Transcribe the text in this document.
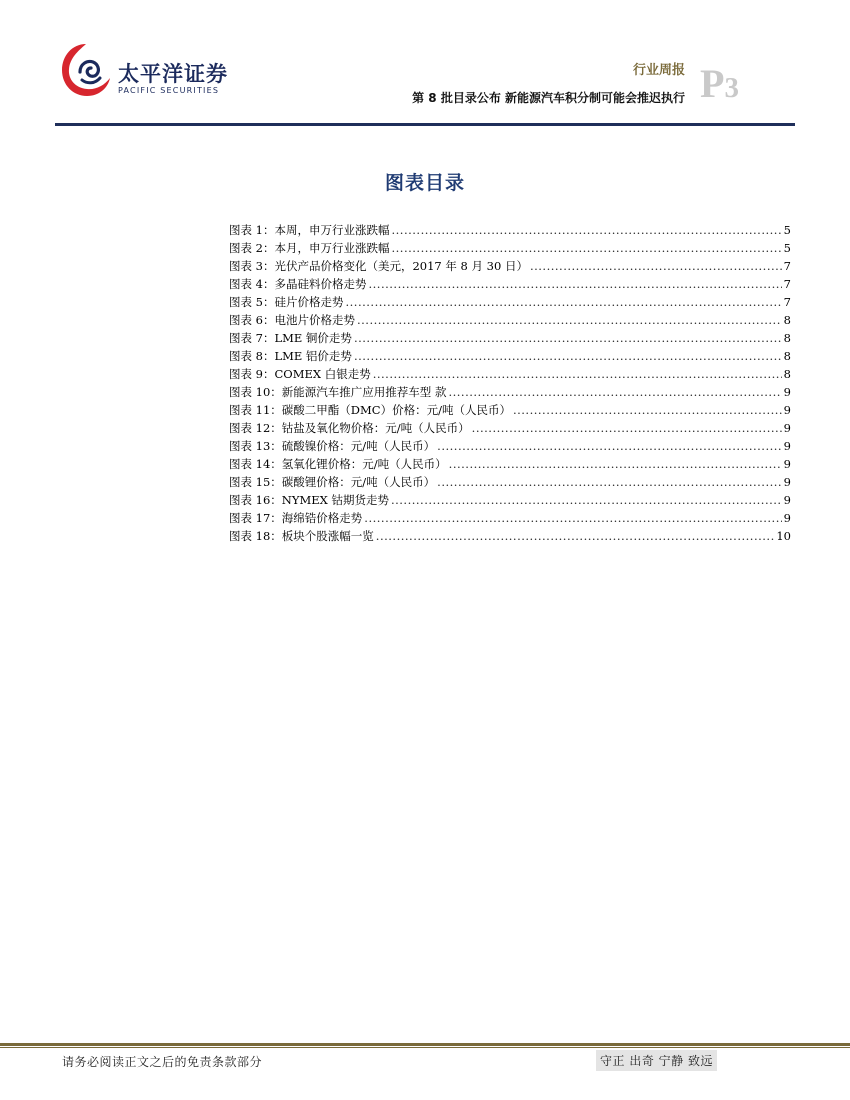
太平洋证券
PACIFIC SECURITIES
行业周报
第 8 批目录公布 新能源汽车积分制可能会推迟执行 P3
图表目录
图表 1：本周，申万行业涨跌幅 .....	5
图表 2：本月，申万行业涨跌幅 .....	5
图表 3：光伏产品价格变化（美元，2017 年 8 月 30 日） .....	7
图表 4：多晶硅料价格走势 .....	7
图表 5：硅片价格走势 .....	7
图表 6：电池片价格走势 .....	8
图表 7：LME 铜价走势 .....	8
图表 8：LME 铝价走势 .....	8
图表 9：COMEX 白银走势 .....	8
图表 10：新能源汽车推广应用推荐车型 款 .....	9
图表 11：碳酸二甲酯（DMC）价格：元/吨（人民币） .....	9
图表 12：钴盐及氧化物价格：元/吨（人民币） .....	9
图表 13：硫酸镍价格：元/吨（人民币） .....	9
图表 14：氢氧化锂价格：元/吨（人民币） .....	9
图表 15：碳酸锂价格：元/吨（人民币） .....	9
图表 16：NYMEX 钴期货走势 .....	9
图表 17：海绵锆价格走势 .....	9
图表 18：板块个股涨幅一览 .....	10
请务必阅读正文之后的免责条款部分	守正 出奇 宁静 致远
